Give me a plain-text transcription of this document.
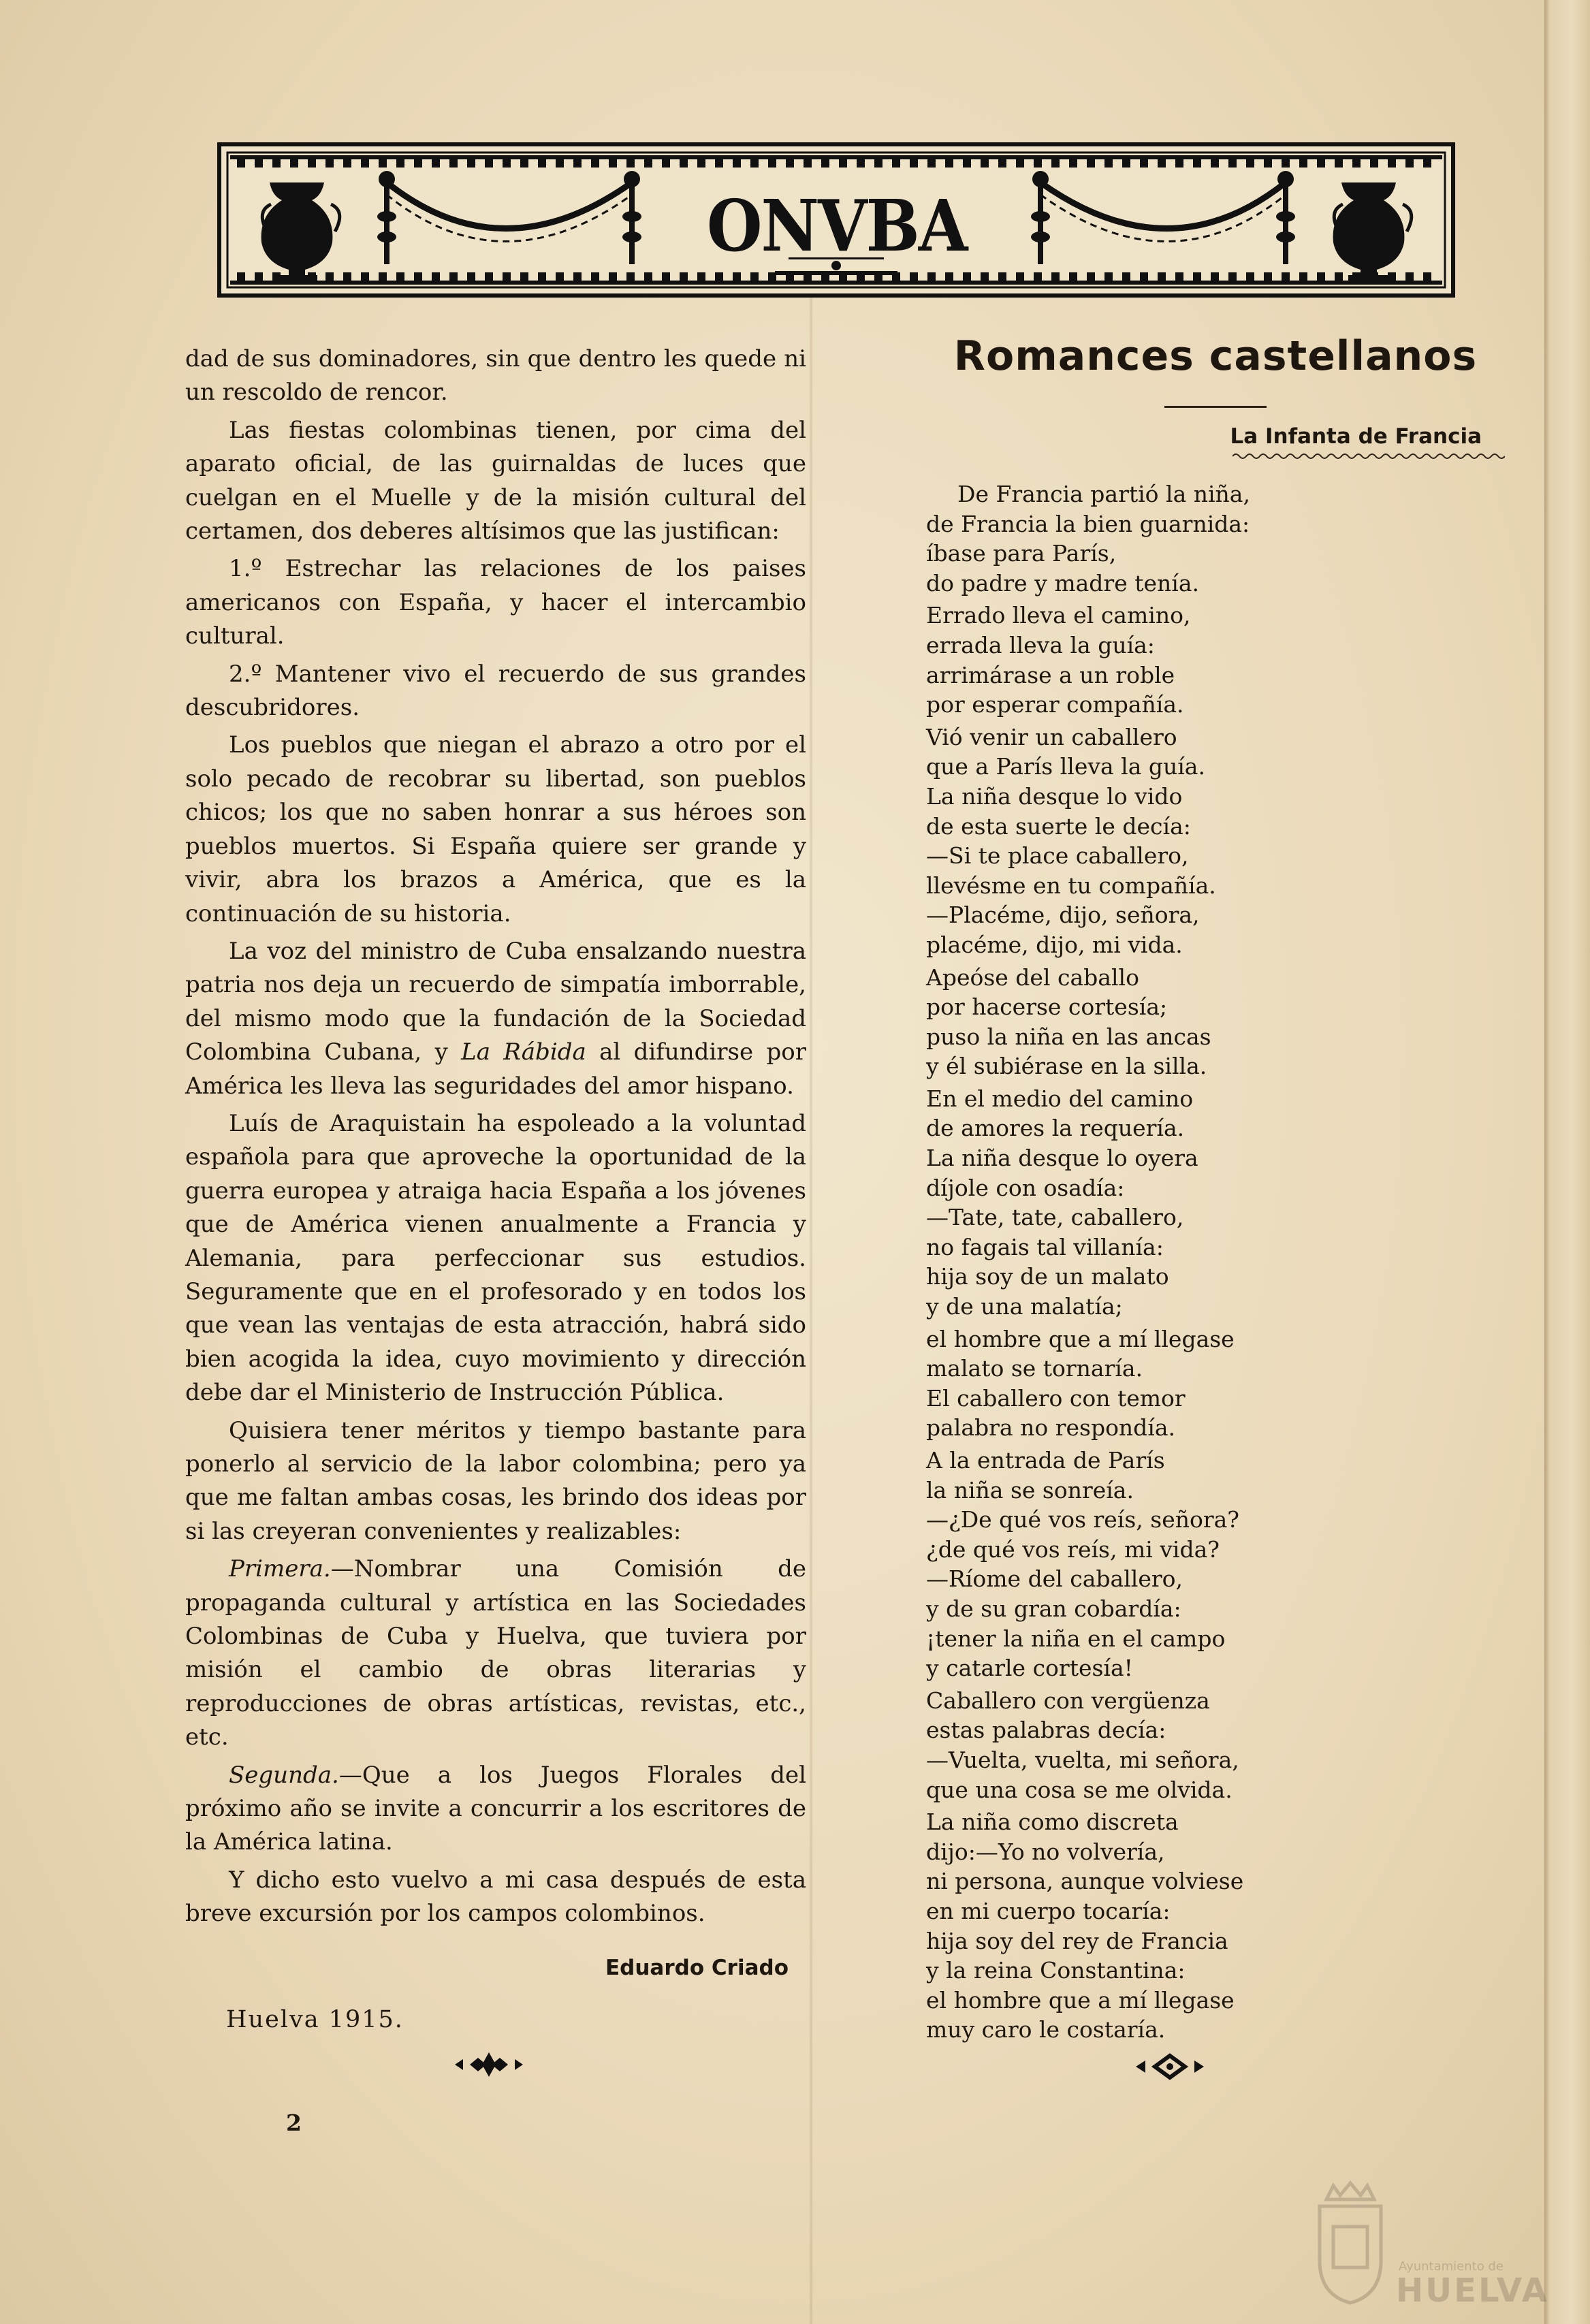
ONVBA

dad de sus dominadores, sin que dentro les quede ni un rescoldo de rencor.

Las fiestas colombinas tienen, por cima del aparato oficial, de las guirnaldas de luces que cuelgan en el Muelle y de la misión cultural del certamen, dos deberes altísimos que las justifican:

1.º Estrechar las relaciones de los paises americanos con España, y hacer el intercambio cultural.

2.º Mantener vivo el recuerdo de sus grandes descubridores.

Los pueblos que niegan el abrazo a otro por el solo pecado de recobrar su libertad, son pueblos chicos; los que no saben honrar a sus héroes son pueblos muertos. Si España quiere ser grande y vivir, abra los brazos a América, que es la continuación de su historia.

La voz del ministro de Cuba ensalzando nuestra patria nos deja un recuerdo de simpatía imborrable, del mismo modo que la fundación de la Sociedad Colombina Cubana, y La Rábida al difundirse por América les lleva las seguridades del amor hispano.

Luís de Araquistain ha espoleado a la voluntad española para que aproveche la oportunidad de la guerra europea y atraiga hacia España a los jóvenes que de América vienen anualmente a Francia y Alemania, para perfeccionar sus estudios. Seguramente que en el profesorado y en todos los que vean las ventajas de esta atracción, habrá sido bien acogida la idea, cuyo movimiento y dirección debe dar el Ministerio de Instrucción Pública.

Quisiera tener méritos y tiempo bastante para ponerlo al servicio de la labor colombina; pero ya que me faltan ambas cosas, les brindo dos ideas por si las creyeran convenientes y realizables:

Primera.—Nombrar una Comisión de propaganda cultural y artística en las Sociedades Colombinas de Cuba y Huelva, que tuviera por misión el cambio de obras literarias y reproducciones de obras artísticas, revistas, etc., etc.

Segunda.—Que a los Juegos Florales del próximo año se invite a concurrir a los escritores de la América latina.

Y dicho esto vuelvo a mi casa después de esta breve excursión por los campos colombinos.

Eduardo Criado

Huelva 1915.

Romances castellanos

La Infanta de Francia

De Francia partió la niña,
de Francia la bien guarnida:
íbase para París,
do padre y madre tenía.
Errado lleva el camino,
errada lleva la guía:
arrimárase a un roble
por esperar compañía.
Vió venir un caballero
que a París lleva la guía.
La niña desque lo vido
de esta suerte le decía:
—Si te place caballero,
llevésme en tu compañía.
—Placéme, dijo, señora,
placéme, dijo, mi vida.
Apeóse del caballo
por hacerse cortesía;
puso la niña en las ancas
y él subiérase en la silla.
En el medio del camino
de amores la requería.
La niña desque lo oyera
díjole con osadía:
—Tate, tate, caballero,
no fagais tal villanía:
hija soy de un malato
y de una malatía;
el hombre que a mí llegase
malato se tornaría.
El caballero con temor
palabra no respondía.
A la entrada de París
la niña se sonreía.
—¿De qué vos reís, señora?
¿de qué vos reís, mi vida?
—Ríome del caballero,
y de su gran cobardía:
¡tener la niña en el campo
y catarle cortesía!
Caballero con vergüenza
estas palabras decía:
—Vuelta, vuelta, mi señora,
que una cosa se me olvida.
La niña como discreta
dijo:—Yo no volvería,
ni persona, aunque volviese
en mi cuerpo tocaría:
hija soy del rey de Francia
y la reina Constantina:
el hombre que a mí llegase
muy caro le costaría.
2
Ayuntamiento de
HUELVA
